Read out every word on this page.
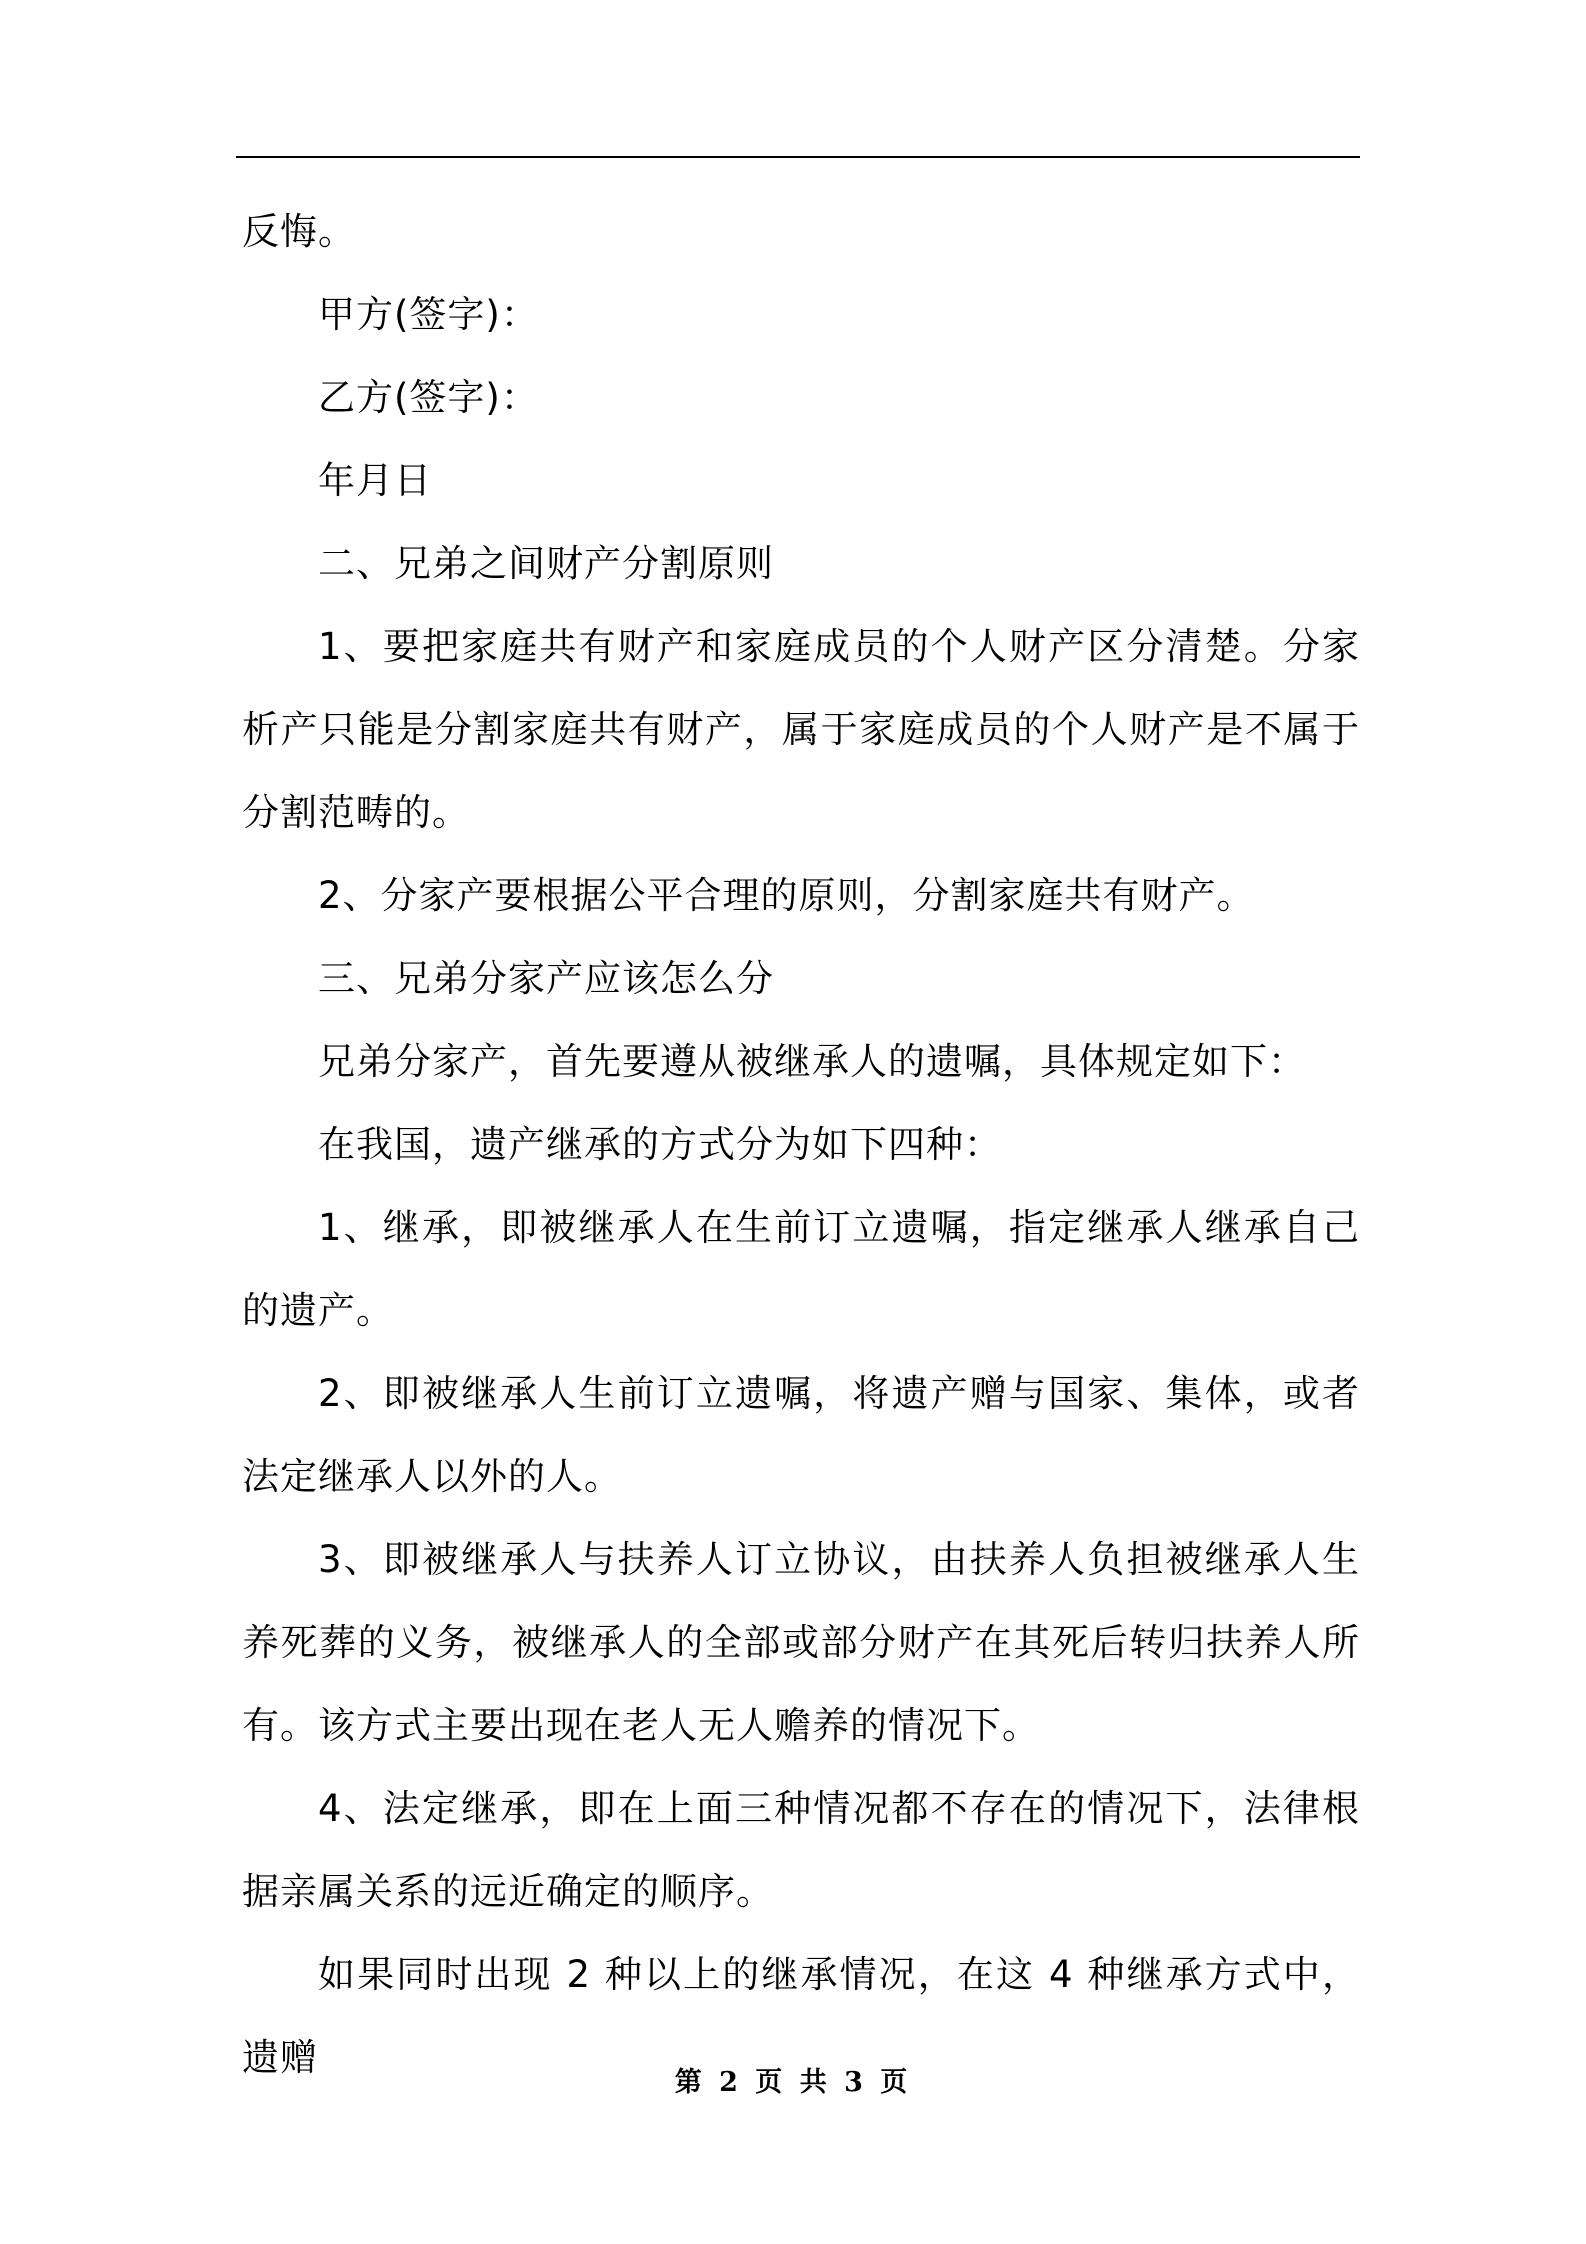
反悔。

甲方(签字)：

乙方(签字)：

年月日

二、兄弟之间财产分割原则

1、要把家庭共有财产和家庭成员的个人财产区分清楚。分家析产只能是分割家庭共有财产，属于家庭成员的个人财产是不属于分割范畴的。

2、分家产要根据公平合理的原则，分割家庭共有财产。

三、兄弟分家产应该怎么分

兄弟分家产，首先要遵从被继承人的遗嘱，具体规定如下：

在我国，遗产继承的方式分为如下四种：

1、继承，即被继承人在生前订立遗嘱，指定继承人继承自己的遗产。

2、即被继承人生前订立遗嘱，将遗产赠与国家、集体，或者法定继承人以外的人。

3、即被继承人与扶养人订立协议，由扶养人负担被继承人生养死葬的义务，被继承人的全部或部分财产在其死后转归扶养人所有。该方式主要出现在老人无人赡养的情况下。

4、法定继承，即在上面三种情况都不存在的情况下，法律根据亲属关系的远近确定的顺序。

如果同时出现 2 种以上的继承情况，在这 4 种继承方式中，遗赠

第 2 页 共 3 页
